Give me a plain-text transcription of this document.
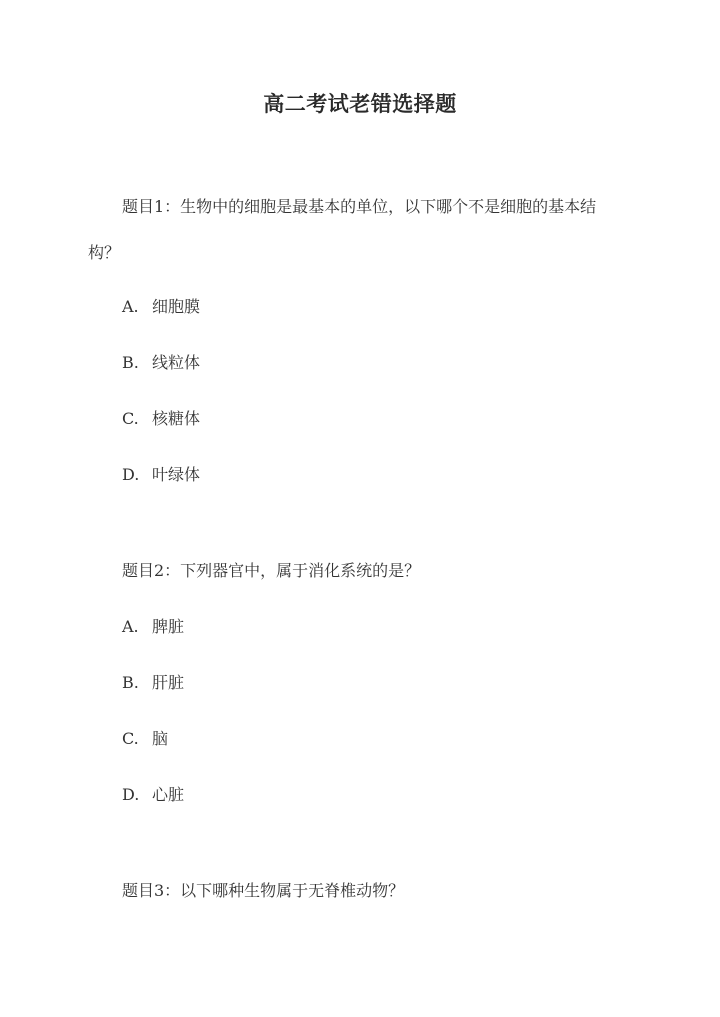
高二考试老错选择题

题目1：生物中的细胞是最基本的单位，以下哪个不是细胞的基本结

构？

A. 细胞膜

B. 线粒体

C. 核糖体

D. 叶绿体

题目2：下列器官中，属于消化系统的是？

A. 脾脏

B. 肝脏

C. 脑

D. 心脏

题目3：以下哪种生物属于无脊椎动物？
